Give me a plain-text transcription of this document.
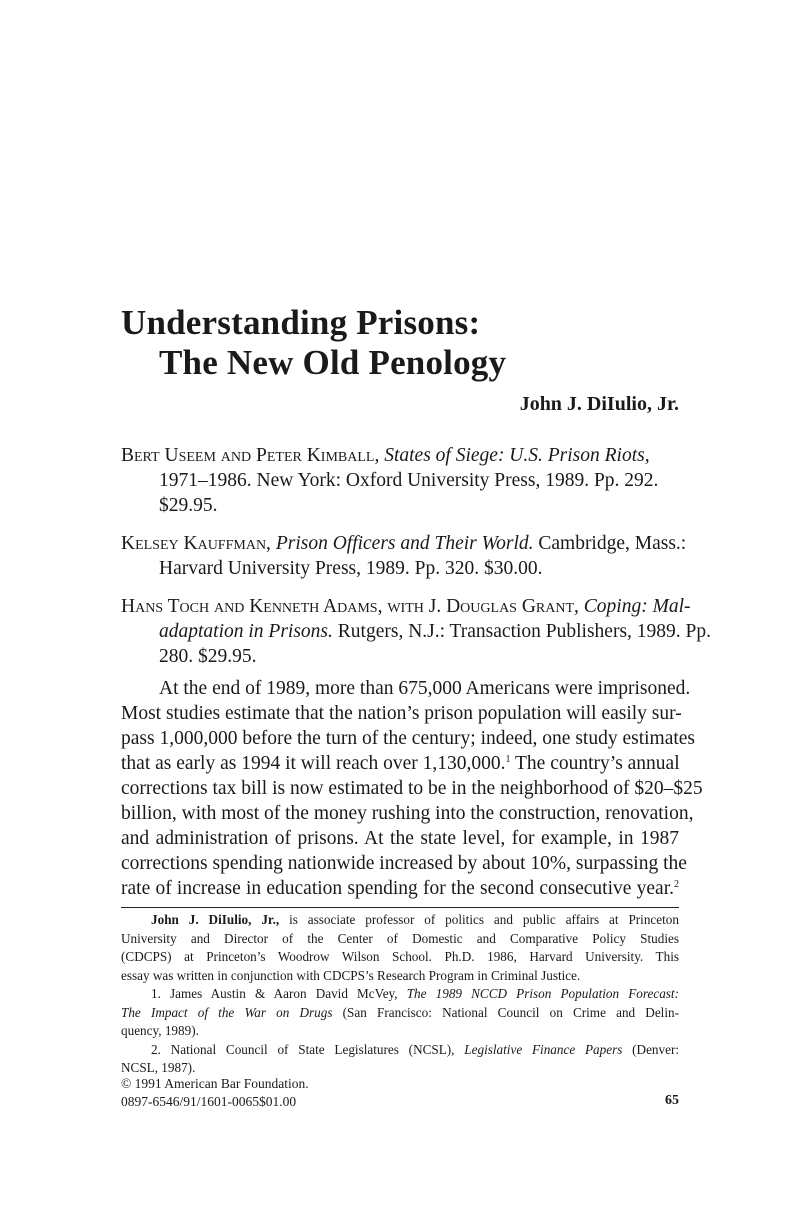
Understanding Prisons:
The New Old Penology
John J. DiIulio, Jr.
Bert Useem and Peter Kimball, States of Siege: U.S. Prison Riots,
1971–1986. New York: Oxford University Press, 1989. Pp. 292.
$29.95.
Kelsey Kauffman, Prison Officers and Their World. Cambridge, Mass.:
Harvard University Press, 1989. Pp. 320. $30.00.
Hans Toch and Kenneth Adams, with J. Douglas Grant, Coping: Mal-
adaptation in Prisons. Rutgers, N.J.: Transaction Publishers, 1989. Pp.
280. $29.95.
At the end of 1989, more than 675,000 Americans were imprisoned.
Most studies estimate that the nation’s prison population will easily sur-
pass 1,000,000 before the turn of the century; indeed, one study estimates
that as early as 1994 it will reach over 1,130,000.$^1$ The country’s annual
corrections tax bill is now estimated to be in the neighborhood of $20–$25
billion, with most of the money rushing into the construction, renovation,
and administration of prisons. At the state level, for example, in 1987
corrections spending nationwide increased by about 10%, surpassing the
rate of increase in education spending for the second consecutive year.$^2$
John J. DiIulio, Jr., is associate professor of politics and public affairs at Princeton
University and Director of the Center of Domestic and Comparative Policy Studies
(CDCPS) at Princeton’s Woodrow Wilson School. Ph.D. 1986, Harvard University. This
essay was written in conjunction with CDCPS’s Research Program in Criminal Justice.
1. James Austin & Aaron David McVey, The 1989 NCCD Prison Population Forecast:
The Impact of the War on Drugs (San Francisco: National Council on Crime and Delin-
quency, 1989).
2. National Council of State Legislatures (NCSL), Legislative Finance Papers (Denver:
NCSL, 1987).
© 1991 American Bar Foundation.
0897-6546/91/1601-0065$01.00	65
